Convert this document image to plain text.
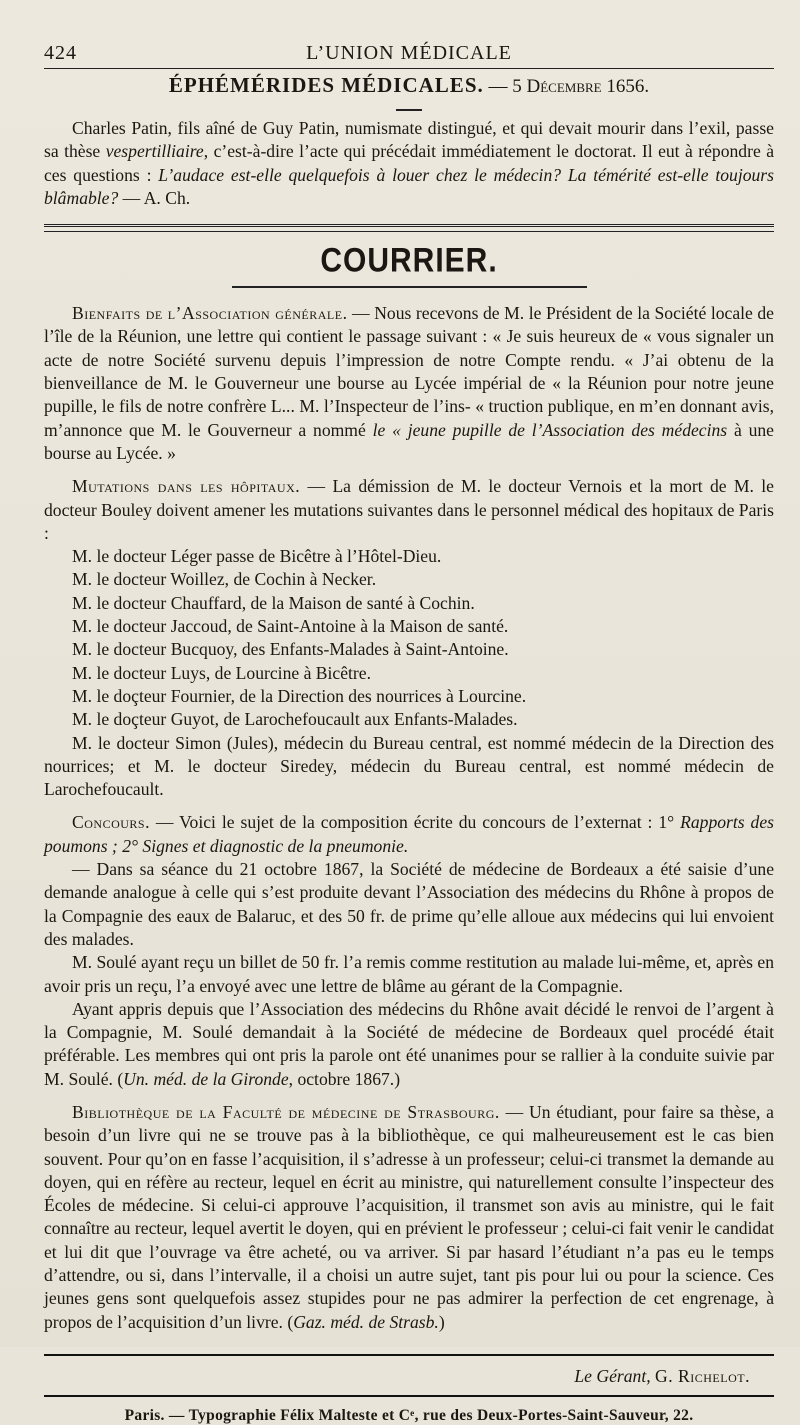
424	L’UNION MÉDICALE
ÉPHÉMÉRIDES MÉDICALES. — 5 Décembre 1656.

Charles Patin, fils aîné de Guy Patin, numismate distingué, et qui devait mourir dans l’exil, passe sa thèse vespertilliaire, c’est-à-dire l’acte qui précédait immédiatement le doctorat. Il eut à répondre à ces questions : L’audace est-elle quelquefois à louer chez le médecin? La témérité est-elle toujours blâmable? — A. Ch.

COURRIER.

Bienfaits de l’Association générale. — Nous recevons de M. le Président de la Société locale de l’île de la Réunion, une lettre qui contient le passage suivant : « Je suis heureux de « vous signaler un acte de notre Société survenu depuis l’impression de notre Compte rendu. « J’ai obtenu de la bienveillance de M. le Gouverneur une bourse au Lycée impérial de « la Réunion pour notre jeune pupille, le fils de notre confrère L... M. l’Inspecteur de l’ins- « truction publique, en m’en donnant avis, m’annonce que M. le Gouverneur a nommé le « jeune pupille de l’Association des médecins à une bourse au Lycée. »

Mutations dans les hôpitaux. — La démission de M. le docteur Vernois et la mort de M. le docteur Bouley doivent amener les mutations suivantes dans le personnel médical des hopitaux de Paris :

M. le docteur Léger passe de Bicêtre à l’Hôtel-Dieu.

M. le docteur Woillez, de Cochin à Necker.

M. le docteur Chauffard, de la Maison de santé à Cochin.

M. le docteur Jaccoud, de Saint-Antoine à la Maison de santé.

M. le docteur Bucquoy, des Enfants-Malades à Saint-Antoine.

M. le docteur Luys, de Lourcine à Bicêtre.

M. le doçteur Fournier, de la Direction des nourrices à Lourcine.

M. le doçteur Guyot, de Larochefoucault aux Enfants-Malades.

M. le docteur Simon (Jules), médecin du Bureau central, est nommé médecin de la Direction des nourrices; et M. le docteur Siredey, médecin du Bureau central, est nommé médecin de Larochefoucault.

Concours. — Voici le sujet de la composition écrite du concours de l’externat : 1° Rapports des poumons ; 2° Signes et diagnostic de la pneumonie.

— Dans sa séance du 21 octobre 1867, la Société de médecine de Bordeaux a été saisie d’une demande analogue à celle qui s’est produite devant l’Association des médecins du Rhône à propos de la Compagnie des eaux de Balaruc, et des 50 fr. de prime qu’elle alloue aux médecins qui lui envoient des malades.

M. Soulé ayant reçu un billet de 50 fr. l’a remis comme restitution au malade lui-même, et, après en avoir pris un reçu, l’a envoyé avec une lettre de blâme au gérant de la Compagnie.

Ayant appris depuis que l’Association des médecins du Rhône avait décidé le renvoi de l’argent à la Compagnie, M. Soulé demandait à la Société de médecine de Bordeaux quel procédé était préférable. Les membres qui ont pris la parole ont été unanimes pour se rallier à la conduite suivie par M. Soulé. (Un. méd. de la Gironde, octobre 1867.)

Bibliothèque de la Faculté de médecine de Strasbourg. — Un étudiant, pour faire sa thèse, a besoin d’un livre qui ne se trouve pas à la bibliothèque, ce qui malheureusement est le cas bien souvent. Pour qu’on en fasse l’acquisition, il s’adresse à un professeur; celui-ci transmet la demande au doyen, qui en réfère au recteur, lequel en écrit au ministre, qui naturellement consulte l’inspecteur des Écoles de médecine. Si celui-ci approuve l’acquisition, il transmet son avis au ministre, qui le fait connaître au recteur, lequel avertit le doyen, qui en prévient le professeur ; celui-ci fait venir le candidat et lui dit que l’ouvrage va être acheté, ou va arriver. Si par hasard l’étudiant n’a pas eu le temps d’attendre, ou si, dans l’intervalle, il a choisi un autre sujet, tant pis pour lui ou pour la science. Ces jeunes gens sont quelquefois assez stupides pour ne pas admirer la perfection de cet engrenage, à propos de l’acquisition d’un livre. (Gaz. méd. de Strasb.)

Le Gérant, G. Richelot.
Paris. — Typographie Félix Malteste et Cᵉ, rue des Deux-Portes-Saint-Sauveur, 22.
